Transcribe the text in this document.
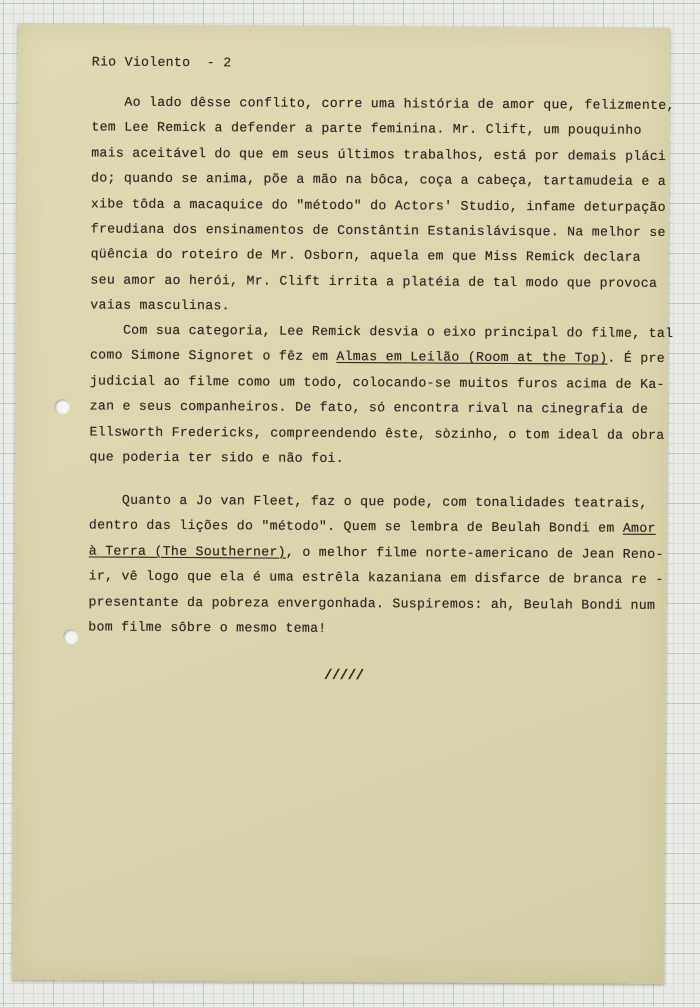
Rio Violento - 2
Ao lado dêsse conflito, corre uma história de amor que, felizmente,
tem Lee Remick a defender a parte feminina. Mr. Clift, um pouquinho
mais aceitável do que em seus últimos trabalhos, está por demais pláci
do; quando se anima, põe a mão na bôca, coça a cabeça, tartamudeia e a
xibe tôda a macaquice do "método" do Actors' Studio, infame deturpação
freudiana dos ensinamentos de Constântin Estanislávisque. Na melhor se
qüência do roteiro de Mr. Osborn, aquela em que Miss Remick declara
seu amor ao herói, Mr. Clift irrita a platéia de tal modo que provoca
vaias masculinas.
Com sua categoria, Lee Remick desvia o eixo principal do filme, tal
como Simone Signoret o fêz em Almas em Leilão (Room at the Top). É pre
judicial ao filme como um todo, colocando-se muitos furos acima de Ka-
zan e seus companheiros. De fato, só encontra rival na cinegrafia de
Ellsworth Fredericks, compreendendo êste, sòzinho, o tom ideal da obra
que poderia ter sido e não foi.
Quanto a Jo van Fleet, faz o que pode, com tonalidades teatrais,
dentro das lições do "método". Quem se lembra de Beulah Bondi em Amor
à Terra (The Southerner), o melhor filme norte-americano de Jean Reno-
ir, vê logo que ela é uma estrêla kazaniana em disfarce de branca re -
presentante da pobreza envergonhada. Suspiremos: ah, Beulah Bondi num
bom filme sôbre o mesmo tema!
/////
